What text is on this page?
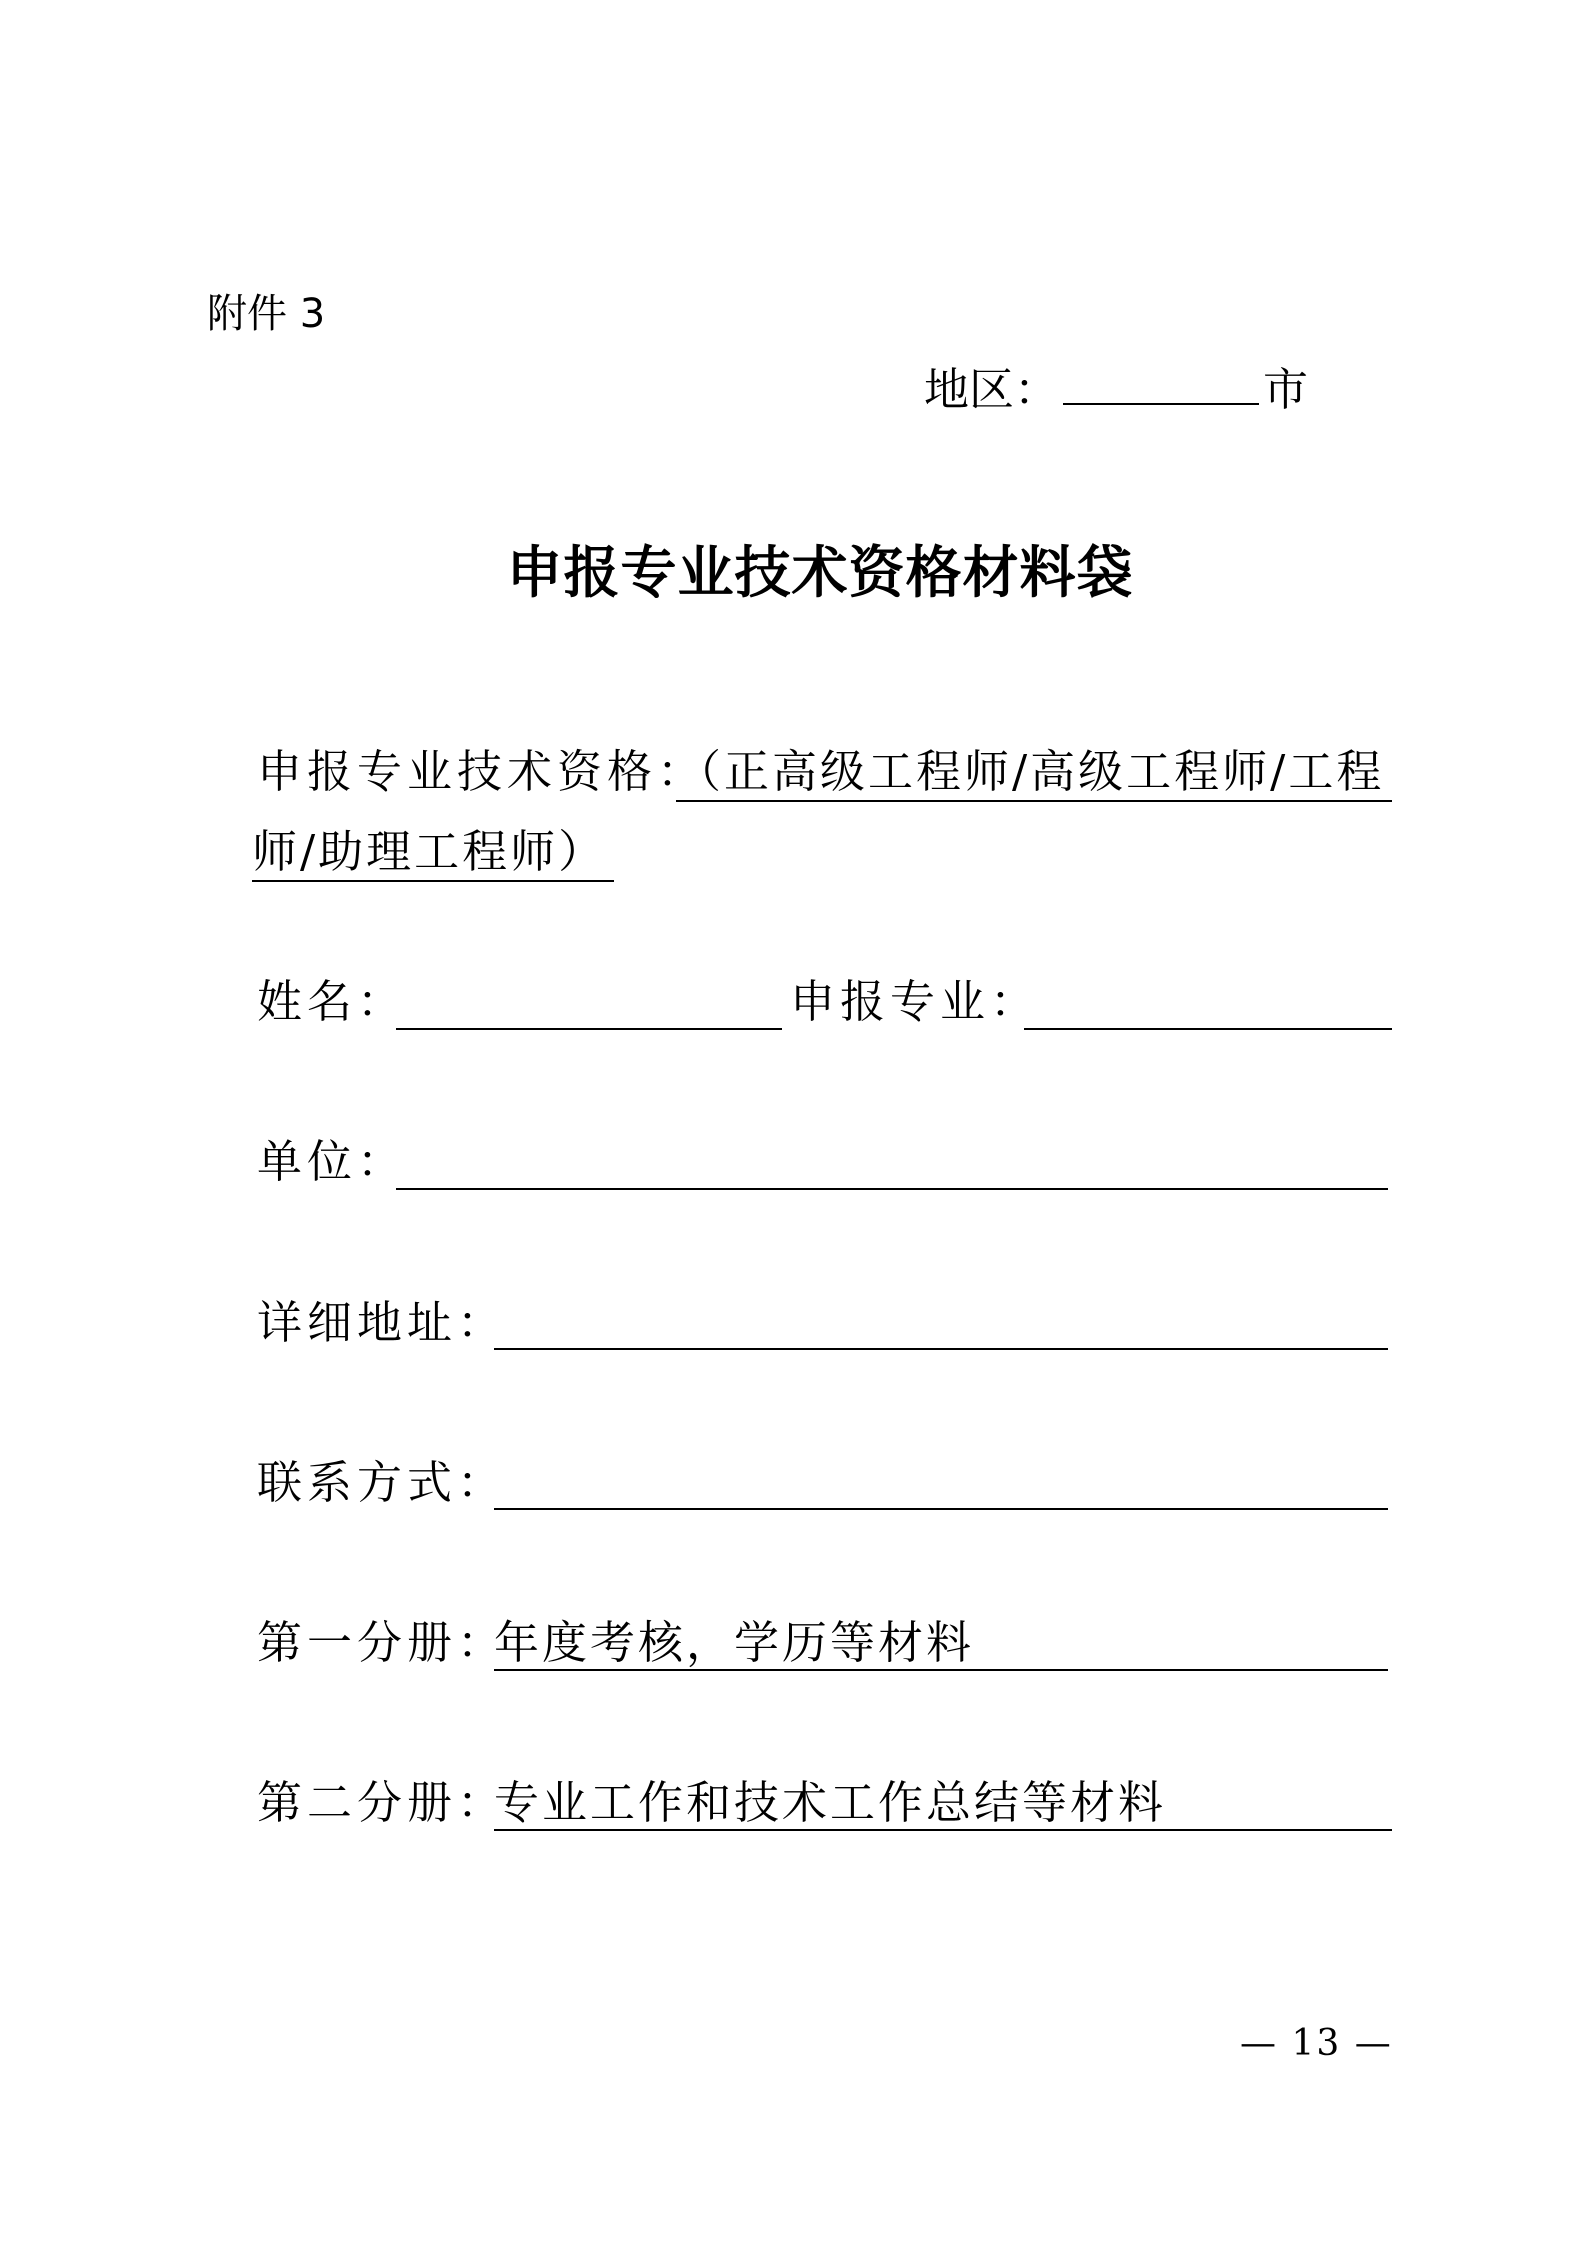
附件 3
地区：	市
申报专业技术资格材料袋
申报专业技术资格：
（正高级工程师/高级工程师/工程
师/助理工程师）
姓名：	申报专业：
单位：
详细地址：
联系方式：
第一分册：
年度考核，学历等材料
第二分册：
专业工作和技术工作总结等材料
— 13 —
